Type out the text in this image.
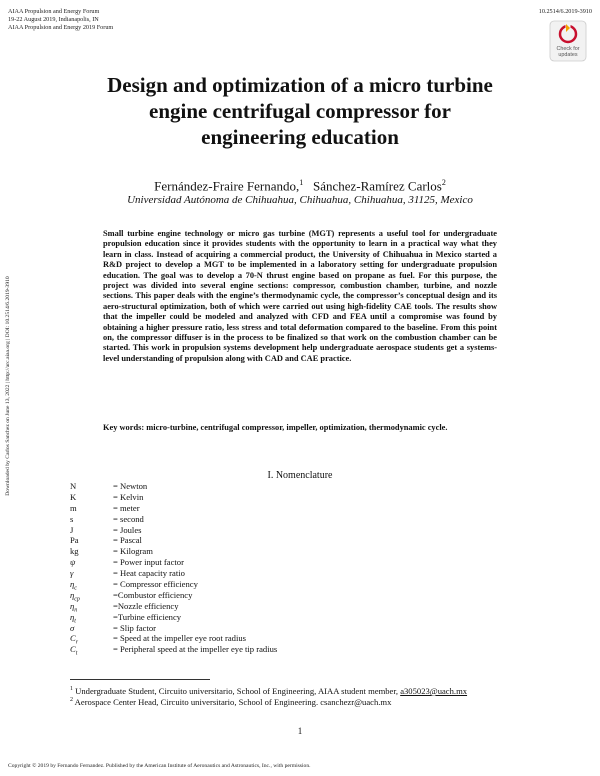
AIAA Propulsion and Energy Forum
19-22 August 2019, Indianapolis, IN
AIAA Propulsion and Energy 2019 Forum
10.2514/6.2019-3910
Check for
updates
Downloaded by Carlos Sanchez on June 13, 2022 | http://arc.aiaa.org | DOI: 10.2514/6.2019-3910
Design and optimization of a micro turbine
engine centrifugal compressor for
engineering education
Fernández-Fraire Fernando,$^1$ Sánchez-Ramírez Carlos$^2$
Universidad Autónoma de Chihuahua, Chihuahua, Chihuahua, 31125, Mexico
Small turbine engine technology or micro gas turbine (MGT) represents a useful tool for undergraduate propulsion education since it provides students with the opportunity to learn in a practical way what they learn in class. Instead of acquiring a commercial product, the University of Chihuahua in Mexico started a R&D project to develop a MGT to be implemented in a laboratory setting for undergraduate propulsion education. The goal was to develop a 70-N thrust engine based on propane as fuel. For this purpose, the project was divided into several engine sections: compressor, combustion chamber, turbine, and nozzle sections. This paper deals with the engine’s thermodynamic cycle, the compressor’s conceptual design and its aero-structural optimization, both of which were carried out using high-fidelity CAE tools. The results show that the impeller could be modeled and analyzed with CFD and FEA until a compromise was found by obtaining a higher pressure ratio, less stress and total deformation compared to the baseline. From this point on, the compressor diffuser is in the process to be finalized so that work on the combustion chamber can be started. This work in propulsion systems development help undergraduate aerospace students get a systems-level understanding of propulsion along with CAD and CAE practice.
Key words: micro-turbine, centrifugal compressor, impeller, optimization, thermodynamic cycle.
I. Nomenclature
N	= Newton
K	= Kelvin
m	= meter
s	= second
J	= Joules
Pa	= Pascal
kg	= Kilogram
ψ	= Power input factor
γ	= Heat capacity ratio
$\eta_c$	= Compressor efficiency
$\eta_{cp}$	=Combustor efficiency
$\eta_n$	=Nozzle efficiency
$\eta_t$	=Turbine efficiency
σ	= Slip factor
$C_r$	= Speed at the impeller eye root radius
$C_t$	= Peripheral speed at the impeller eye tip radius
$^1$ Undergraduate Student, Circuito universitario, School of Engineering, AIAA student member, a305023@uach.mx
$^2$ Aerospace Center Head, Circuito universitario, School of Engineering. csanchezr@uach.mx
1
Copyright © 2019 by Fernando Fernandez. Published by the American Institute of Aeronautics and Astronautics, Inc., with permission.
